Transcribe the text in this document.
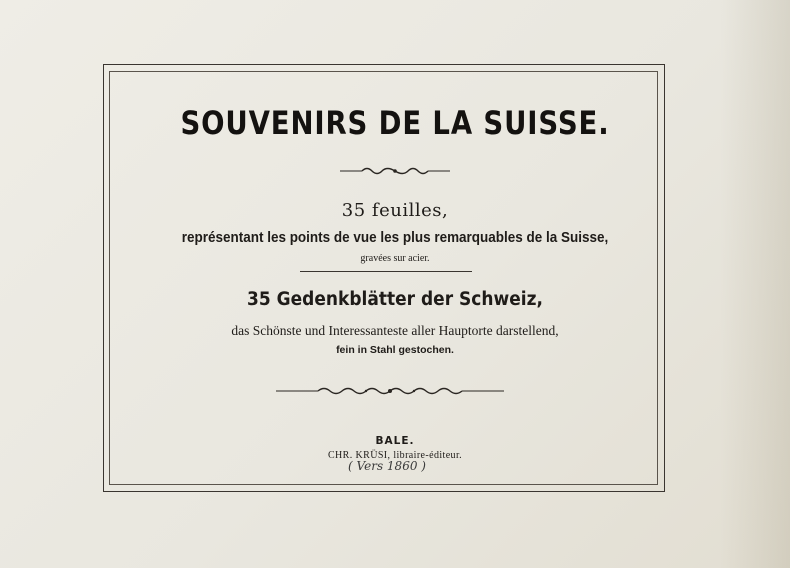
SOUVENIRS DE LA SUISSE.
35 feuilles,
représentant les points de vue les plus remarquables de la Suisse,
gravées sur acier.
35 Gedenkblätter der Schweiz,
das Schönste und Interessanteste aller Hauptorte darstellend,
fein in Stahl gestochen.
BALE.
CHR. KRÜSI, libraire-éditeur.
( Vers 1860 )
